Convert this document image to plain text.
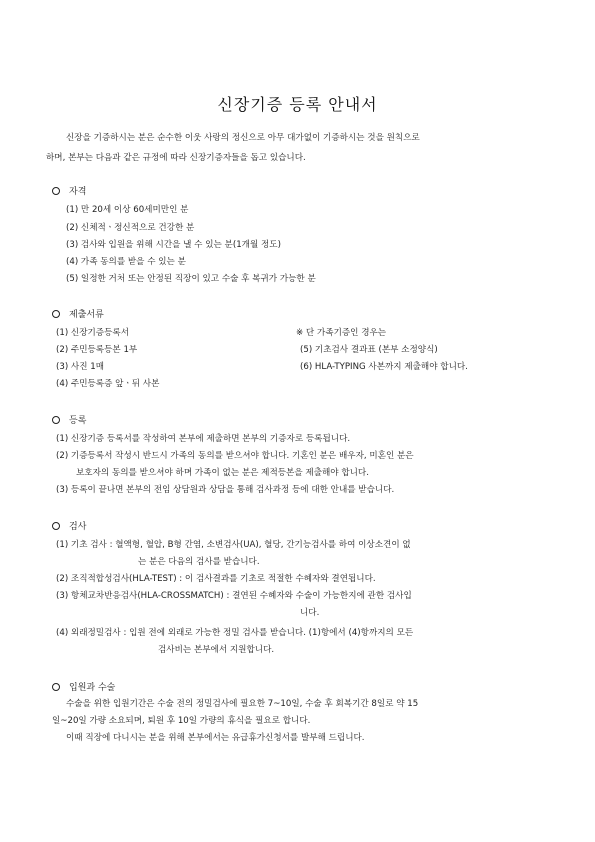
신장기증 등록 안내서
신장을 기증하시는 분은 순수한 이웃 사랑의 정신으로 아무 대가없이 기증하시는 것을 원칙으로
하며, 본부는 다음과 같은 규정에 따라 신장기증자들을 돕고 있습니다.
자격
(1) 만 20세 이상 60세미만인 분
(2) 신체적ㆍ정신적으로 건강한 분
(3) 검사와 입원을 위해 시간을 낼 수 있는 분(1개월 정도)
(4) 가족 동의를 받을 수 있는 분
(5) 일정한 거처 또는 안정된 직장이 있고 수술 후 복귀가 가능한 분
제출서류
(1) 신장기증등록서
(2) 주민등록등본 1부
(3) 사진 1매
(4) 주민등록증 앞ㆍ뒤 사본
※ 단 가족기증인 경우는
(5) 기초검사 결과표 (본부 소정양식)
(6) HLA-TYPING 사본까지 제출해야 합니다.
등록
(1) 신장기증 등록서를 작성하여 본부에 제출하면 본부의 기증자로 등록됩니다.
(2) 기증등록서 작성시 반드시 가족의 동의를 받으셔야 합니다. 기혼인 분은 배우자, 미혼인 분은
보호자의 동의를 받으셔야 하며 가족이 없는 분은 제적등본을 제출해야 합니다.
(3) 등록이 끝나면 본부의 전임 상담원과 상담을 통해 검사과정 등에 대한 안내를 받습니다.
검사
(1) 기초 검사 : 혈액형, 혈압, B형 간염, 소변검사(UA), 혈당, 간기능검사를 하여 이상소견이 없
는 분은 다음의 검사를 받습니다.
(2) 조직적합성검사(HLA-TEST) : 이 검사결과를 기초로 적절한 수혜자와 결연됩니다.
(3) 항체교차반응검사(HLA-CROSSMATCH) : 결연된 수혜자와 수술이 가능한지에 관한 검사입
니다.
(4) 외래정밀검사 : 입원 전에 외래로 가능한 정밀 검사를 받습니다. (1)항에서 (4)항까지의 모든
검사비는 본부에서 지원합니다.
입원과 수술
수술을 위한 입원기간은 수술 전의 정밀검사에 필요한 7~10일, 수술 후 회복기간 8일로 약 15
일~20일 가량 소요되며, 퇴원 후 10일 가량의 휴식을 필요로 합니다.
이때 직장에 다니시는 분을 위해 본부에서는 유급휴가신청서를 발부해 드립니다.
